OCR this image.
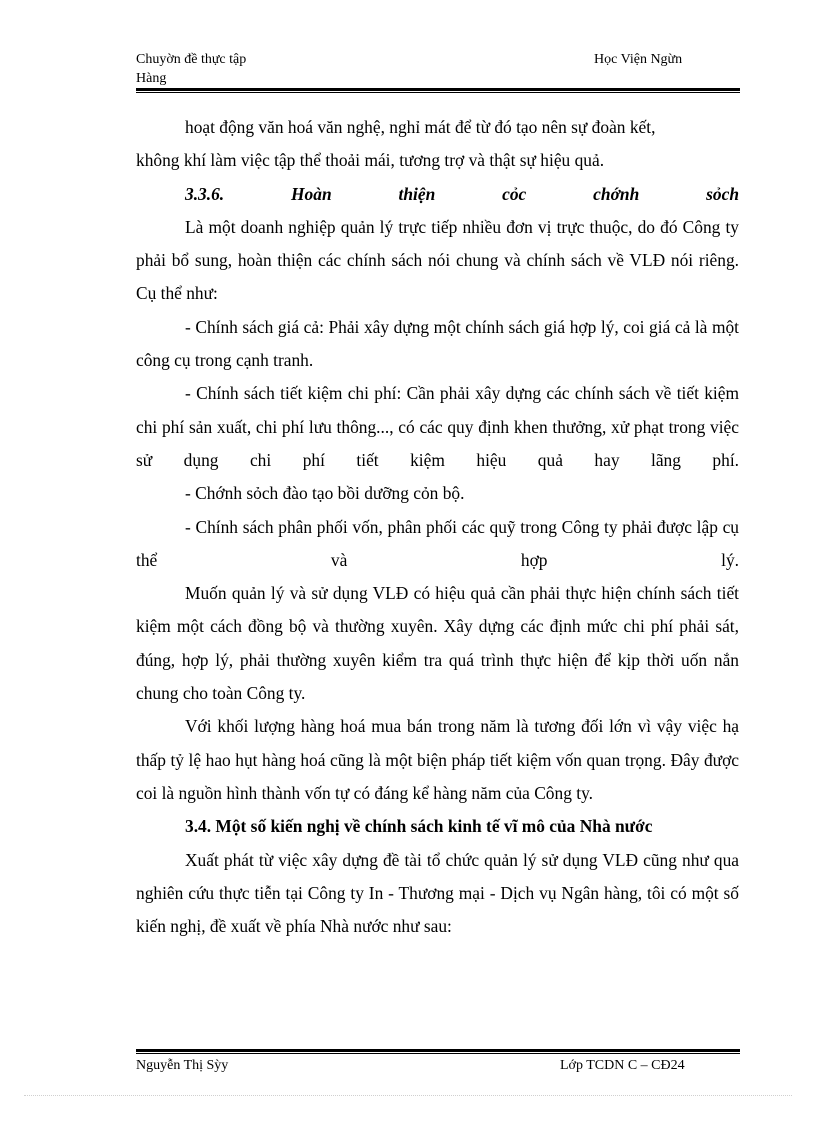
Chuyờn đề thực tập
Hàng
Học Viện Ngừn

hoạt động văn hoá văn nghệ, nghỉ mát để từ đó tạo nên sự đoàn kết,
không khí làm việc tập thể thoải mái, tương trợ và thật sự hiệu quả.

3.3.6.	Hoàn	thiện	cỏc	chớnh	sỏch

Là một doanh nghiệp quản lý trực tiếp nhiều đơn vị trực thuộc, do đó Công ty phải bổ sung, hoàn thiện các chính sách nói chung và chính sách về VLĐ nói riêng. Cụ thể như:

- Chính sách giá cả: Phải xây dựng một chính sách giá hợp lý, coi giá cả là một công cụ trong cạnh tranh.

- Chính sách tiết kiệm chi phí: Cần phải xây dựng các chính sách về tiết kiệm chi phí sản xuất, chi phí lưu thông..., có các quy định khen thưởng, xử phạt trong việc sử dụng chi phí tiết kiệm hiệu quả hay lãng phí.

- Chớnh sỏch đào tạo bồi dưỡng cỏn bộ.

- Chính sách phân phối vốn, phân phối các quỹ trong Công ty phải được lập cụ thể và hợp lý.

Muốn quản lý và sử dụng VLĐ có hiệu quả cần phải thực hiện chính sách tiết kiệm một cách đồng bộ và thường xuyên. Xây dựng các định mức chi phí phải sát, đúng, hợp lý, phải thường xuyên kiểm tra quá trình thực hiện để kịp thời uốn nắn chung cho toàn Công ty.

Với khối lượng hàng hoá mua bán trong năm là tương đối lớn vì vậy việc hạ thấp tỷ lệ hao hụt hàng hoá cũng là một biện pháp tiết kiệm vốn quan trọng. Đây được coi là nguồn hình thành vốn tự có đáng kể hàng năm của Công ty.

3.4. Một số kiến nghị về chính sách kinh tế vĩ mô của Nhà nước

Xuất phát từ việc xây dựng đề tài tổ chức quản lý sử dụng VLĐ cũng như qua nghiên cứu thực tiễn tại Công ty In - Thương mại - Dịch vụ Ngân hàng, tôi có một số kiến nghị, đề xuất về phía Nhà nước như sau:

Nguyễn Thị Sỳy	Lớp TCDN C – CĐ24
